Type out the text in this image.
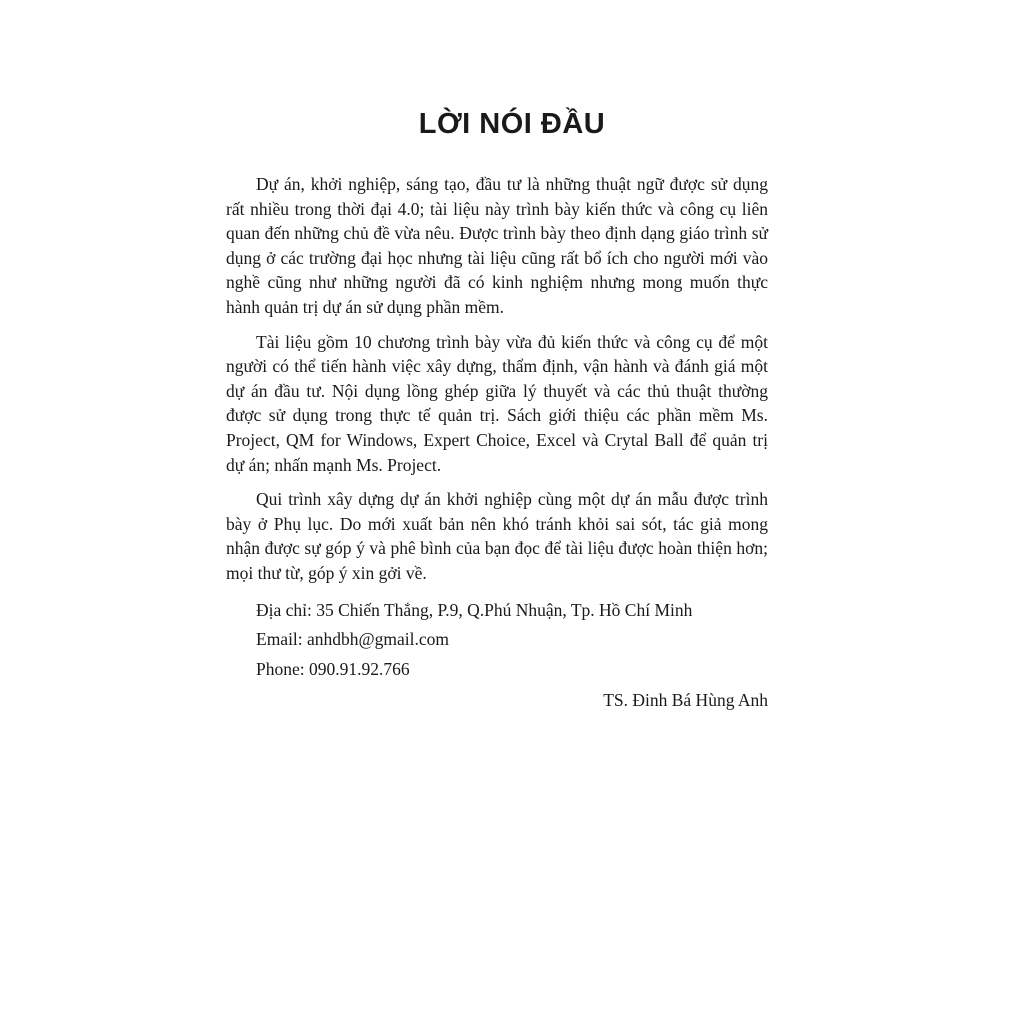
LỜI NÓI ĐẦU

Dự án, khởi nghiệp, sáng tạo, đầu tư là những thuật ngữ được sử dụng rất nhiều trong thời đại 4.0; tài liệu này trình bày kiến thức và công cụ liên quan đến những chủ đề vừa nêu. Được trình bày theo định dạng giáo trình sử dụng ở các trường đại học nhưng tài liệu cũng rất bổ ích cho người mới vào nghề cũng như những người đã có kinh nghiệm nhưng mong muốn thực hành quản trị dự án sử dụng phần mềm.

Tài liệu gồm 10 chương trình bày vừa đủ kiến thức và công cụ để một người có thể tiến hành việc xây dựng, thẩm định, vận hành và đánh giá một dự án đầu tư. Nội dụng lồng ghép giữa lý thuyết và các thủ thuật thường được sử dụng trong thực tế quản trị. Sách giới thiệu các phần mềm Ms. Project, QM for Windows, Expert Choice, Excel và Crytal Ball để quản trị dự án; nhấn mạnh Ms. Project.

Qui trình xây dựng dự án khởi nghiệp cùng một dự án mẫu được trình bày ở Phụ lục. Do mới xuất bản nên khó tránh khỏi sai sót, tác giả mong nhận được sự góp ý và phê bình của bạn đọc để tài liệu được hoàn thiện hơn; mọi thư từ, góp ý xin gởi về.

Địa chỉ: 35 Chiến Thắng, P.9, Q.Phú Nhuận, Tp. Hồ Chí Minh

Email: anhdbh@gmail.com

Phone: 090.91.92.766

TS. Đinh Bá Hùng Anh
